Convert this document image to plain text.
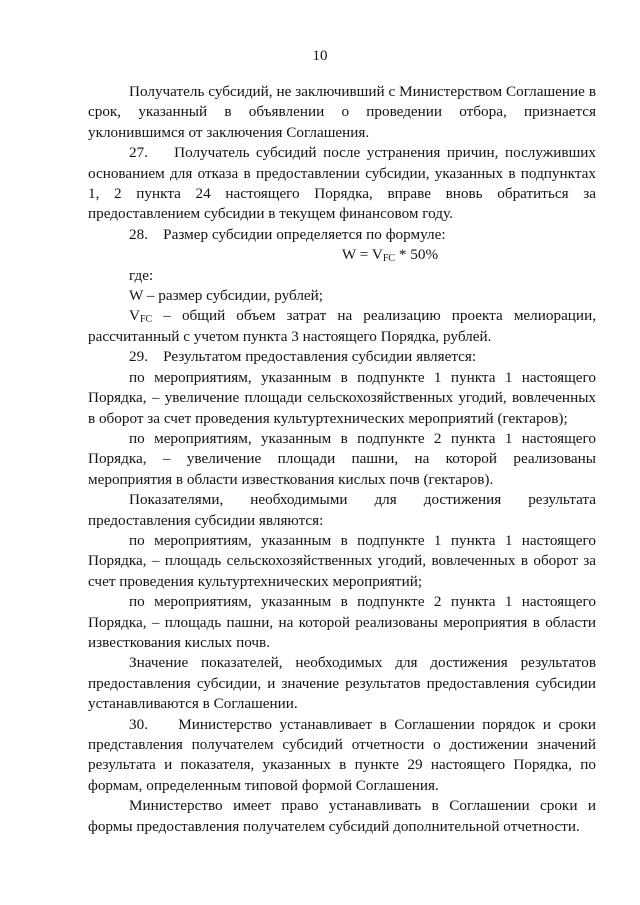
10

Получатель субсидий, не заключивший с Министерством Соглашение в срок, указанный в объявлении о проведении отбора, признается уклонившимся от заключения Соглашения.

27.    Получатель субсидий после устранения причин, послуживших основанием для отказа в предоставлении субсидии, указанных в подпунктах 1, 2 пункта 24 настоящего Порядка, вправе вновь обратиться за предоставлением субсидии в текущем финансовом году.

28.    Размер субсидии определяется по формуле:

$W = V_{FC} * 50\%$

где:

W – размер субсидии, рублей;

$V_{FC}$ – общий объем затрат на реализацию проекта мелиорации, рассчитанный с учетом пункта 3 настоящего Порядка, рублей.

29.    Результатом предоставления субсидии является:

по мероприятиям, указанным в подпункте 1 пункта 1 настоящего Порядка, – увеличение площади сельскохозяйственных угодий, вовлеченных в оборот за счет проведения культуртехнических мероприятий (гектаров);

по мероприятиям, указанным в подпункте 2 пункта 1 настоящего Порядка, – увеличение площади пашни, на которой реализованы мероприятия в области известкования кислых почв (гектаров).

Показателями, необходимыми для достижения результата предоставления субсидии являются:

по мероприятиям, указанным в подпункте 1 пункта 1 настоящего Порядка, – площадь сельскохозяйственных угодий, вовлеченных в оборот за счет проведения культуртехнических мероприятий;

по мероприятиям, указанным в подпункте 2 пункта 1 настоящего Порядка, – площадь пашни, на которой реализованы мероприятия в области известкования кислых почв.

Значение показателей, необходимых для достижения результатов предоставления субсидии, и значение результатов предоставления субсидии устанавливаются в Соглашении.

30.    Министерство устанавливает в Соглашении порядок и сроки представления получателем субсидий отчетности о достижении значений результата и показателя, указанных в пункте 29 настоящего Порядка, по формам, определенным типовой формой Соглашения.

Министерство имеет право устанавливать в Соглашении сроки и формы предоставления получателем субсидий дополнительной отчетности.
